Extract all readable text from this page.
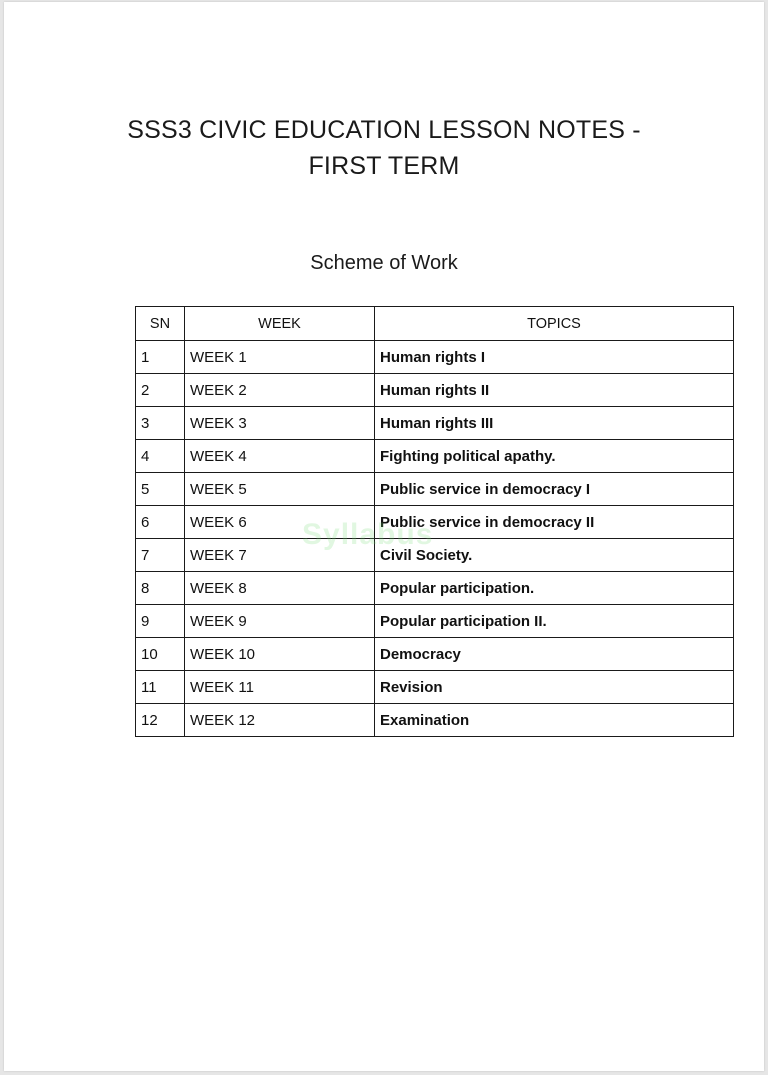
SSS3 CIVIC EDUCATION LESSON NOTES -
FIRST TERM
Scheme of Work
SN	WEEK	TOPICS
1	WEEK 1	Human rights I
2	WEEK 2	Human rights II
3	WEEK 3	Human rights III
4	WEEK 4	Fighting political apathy.
5	WEEK 5	Public service in democracy I
6	WEEK 6	Public service in democracy II
7	WEEK 7	Civil Society.
8	WEEK 8	Popular participation.
9	WEEK 9	Popular participation II.
10	WEEK 10	Democracy
11	WEEK 11	Revision
12	WEEK 12	Examination
Syllabus
